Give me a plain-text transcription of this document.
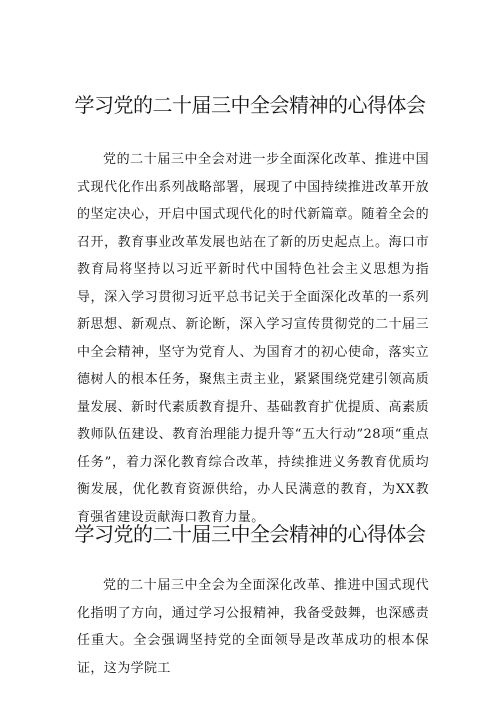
学习党的二十届三中全会精神的心得体会

党的二十届三中全会对进一步全面深化改革、推进中国式现代化作出系列战略部署，展现了中国持续推进改革开放的坚定决心，开启中国式现代化的时代新篇章。随着全会的召开，教育事业改革发展也站在了新的历史起点上。海口市教育局将坚持以习近平新时代中国特色社会主义思想为指导，深入学习贯彻习近平总书记关于全面深化改革的一系列新思想、新观点、新论断，深入学习宣传贯彻党的二十届三中全会精神，坚守为党育人、为国育才的初心使命，落实立德树人的根本任务，聚焦主责主业，紧紧围绕党建引领高质量发展、新时代素质教育提升、基础教育扩优提质、高素质教师队伍建设、教育治理能力提升等“五大行动”28项“重点任务”，着力深化教育综合改革，持续推进义务教育优质均衡发展，优化教育资源供给，办人民满意的教育，为XX教育强省建设贡献海口教育力量。

学习党的二十届三中全会精神的心得体会

党的二十届三中全会为全面深化改革、推进中国式现代化指明了方向，通过学习公报精神，我备受鼓舞，也深感责任重大。全会强调坚持党的全面领导是改革成功的根本保证，这为学院工
